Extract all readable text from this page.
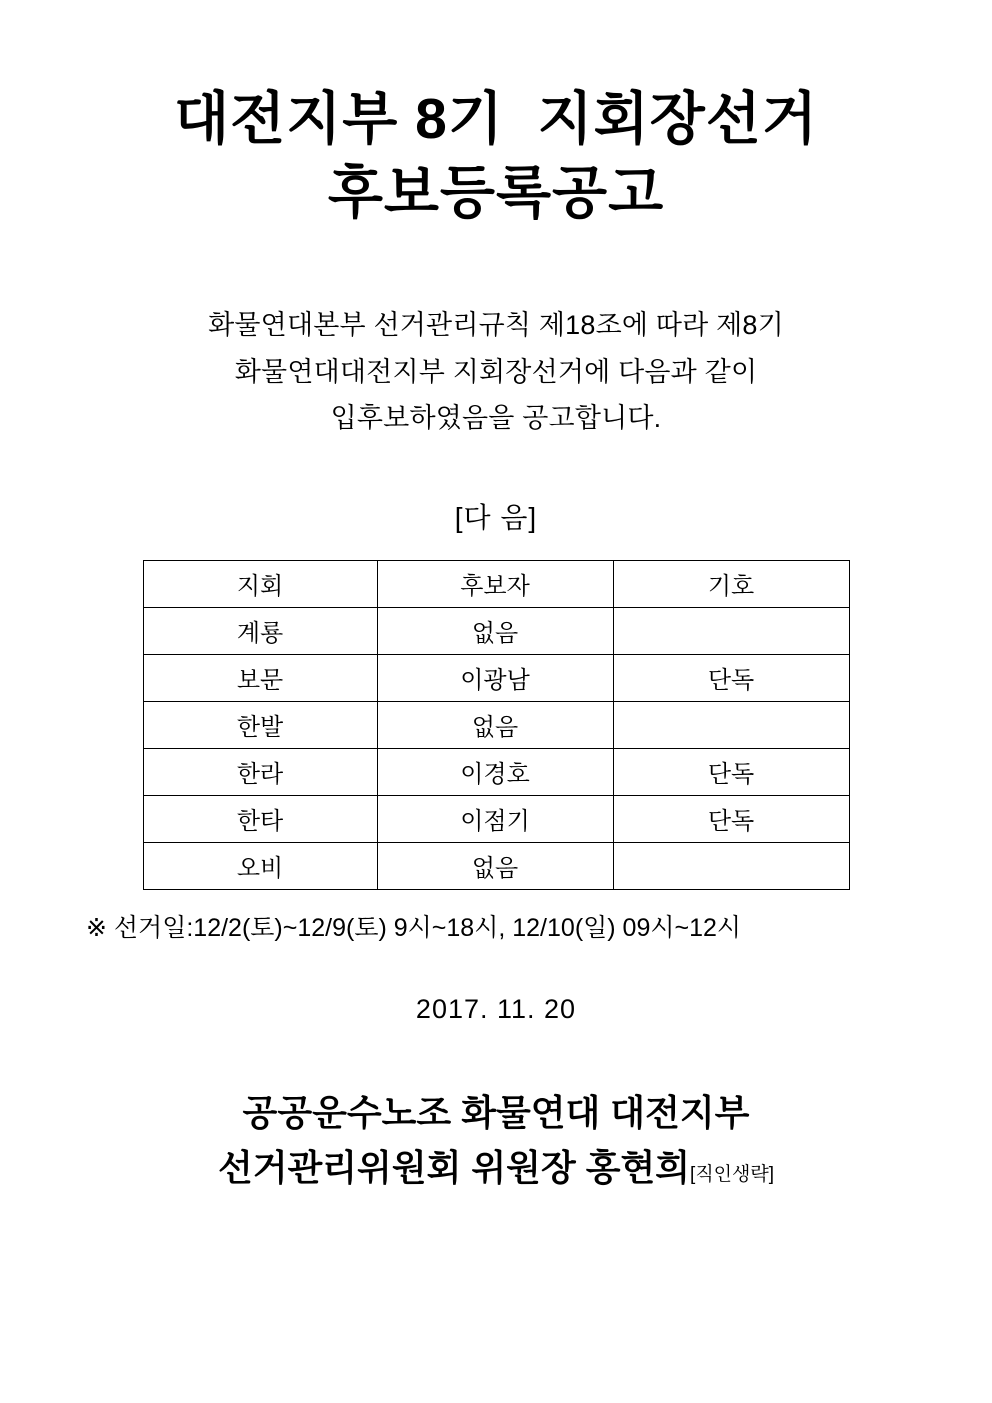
대전지부 8기  지회장선거
후보등록공고
화물연대본부 선거관리규칙 제18조에 따라 제8기
화물연대대전지부 지회장선거에 다음과 같이
입후보하였음을 공고합니다.
[다 음]
지회	후보자	기호
계룡	없음	
보문	이광남	단독
한발	없음	
한라	이경호	단독
한타	이점기	단독
오비	없음	
※ 선거일:12/2(토)~12/9(토) 9시~18시, 12/10(일) 09시~12시
2017. 11. 20
공공운수노조 화물연대 대전지부
선거관리위원회 위원장 홍현희[직인생략]
